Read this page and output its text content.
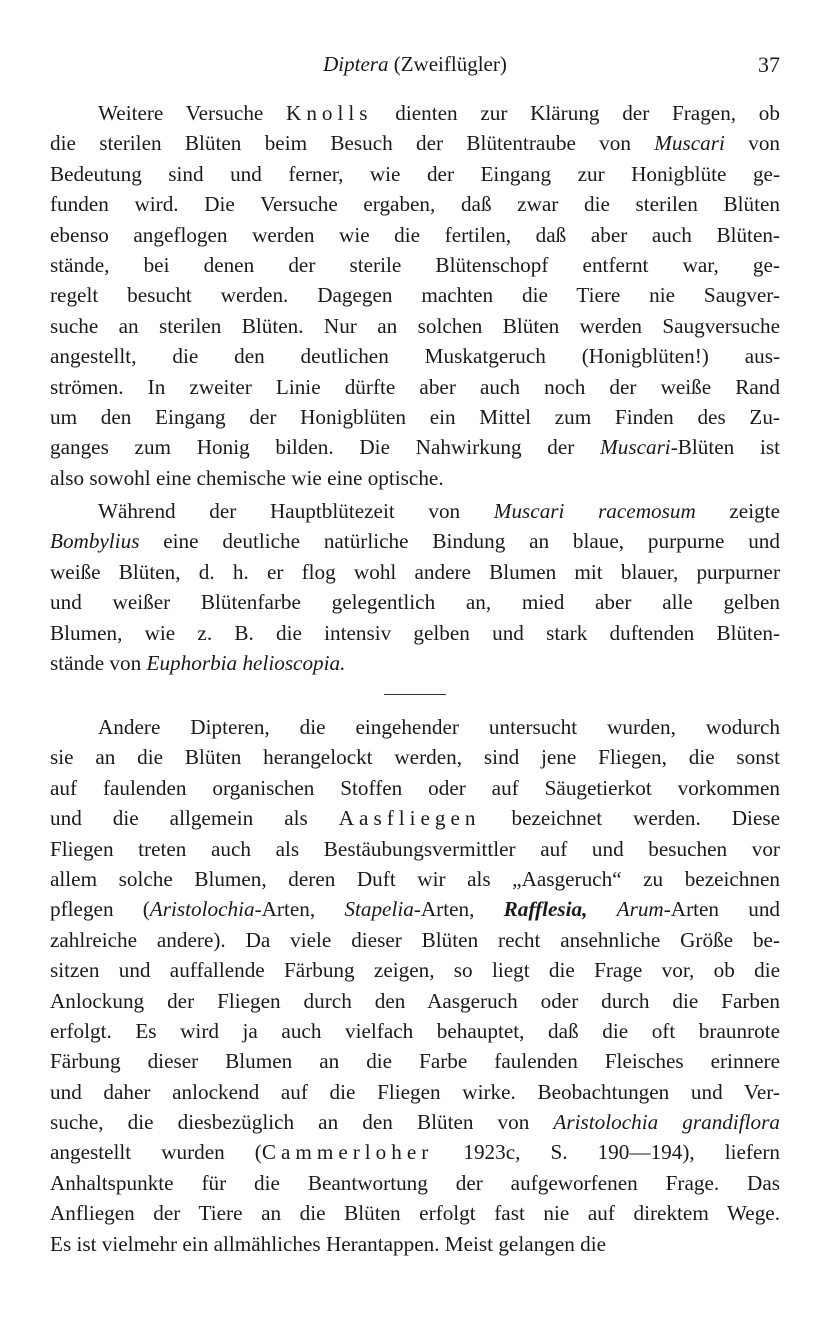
Diptera (Zweiflügler)	37
Weitere Versuche Knolls dienten zur Klärung der Fragen, ob
die sterilen Blüten beim Besuch der Blütentraube von Muscari von
Bedeutung sind und ferner, wie der Eingang zur Honigblüte ge-
funden wird. Die Versuche ergaben, daß zwar die sterilen Blüten
ebenso angeflogen werden wie die fertilen, daß aber auch Blüten-
stände, bei denen der sterile Blütenschopf entfernt war, ge-
regelt besucht werden. Dagegen machten die Tiere nie Saugver-
suche an sterilen Blüten. Nur an solchen Blüten werden Saugversuche
angestellt, die den deutlichen Muskatgeruch (Honigblüten!) aus-
strömen. In zweiter Linie dürfte aber auch noch der weiße Rand
um den Eingang der Honigblüten ein Mittel zum Finden des Zu-
ganges zum Honig bilden. Die Nahwirkung der Muscari-Blüten ist
also sowohl eine chemische wie eine optische.
Während der Hauptblütezeit von Muscari racemosum zeigte
Bombylius eine deutliche natürliche Bindung an blaue, purpurne und
weiße Blüten, d. h. er flog wohl andere Blumen mit blauer, purpurner
und weißer Blütenfarbe gelegentlich an, mied aber alle gelben
Blumen, wie z. B. die intensiv gelben und stark duftenden Blüten-
stände von Euphorbia helioscopia.
Andere Dipteren, die eingehender untersucht wurden, wodurch
sie an die Blüten herangelockt werden, sind jene Fliegen, die sonst
auf faulenden organischen Stoffen oder auf Säugetierkot vorkommen
und die allgemein als Aasfliegen bezeichnet werden. Diese
Fliegen treten auch als Bestäubungsvermittler auf und besuchen vor
allem solche Blumen, deren Duft wir als „Aasgeruch“ zu bezeichnen
pflegen (Aristolochia-Arten, Stapelia-Arten, Rafflesia, Arum-Arten und
zahlreiche andere). Da viele dieser Blüten recht ansehnliche Größe be-
sitzen und auffallende Färbung zeigen, so liegt die Frage vor, ob die
Anlockung der Fliegen durch den Aasgeruch oder durch die Farben
erfolgt. Es wird ja auch vielfach behauptet, daß die oft braunrote
Färbung dieser Blumen an die Farbe faulenden Fleisches erinnere
und daher anlockend auf die Fliegen wirke. Beobachtungen und Ver-
suche, die diesbezüglich an den Blüten von Aristolochia grandiflora
angestellt wurden (Cammerloher 1923c, S. 190—194), liefern
Anhaltspunkte für die Beantwortung der aufgeworfenen Frage. Das
Anfliegen der Tiere an die Blüten erfolgt fast nie auf direktem Wege.
Es ist vielmehr ein allmähliches Herantappen. Meist gelangen die
